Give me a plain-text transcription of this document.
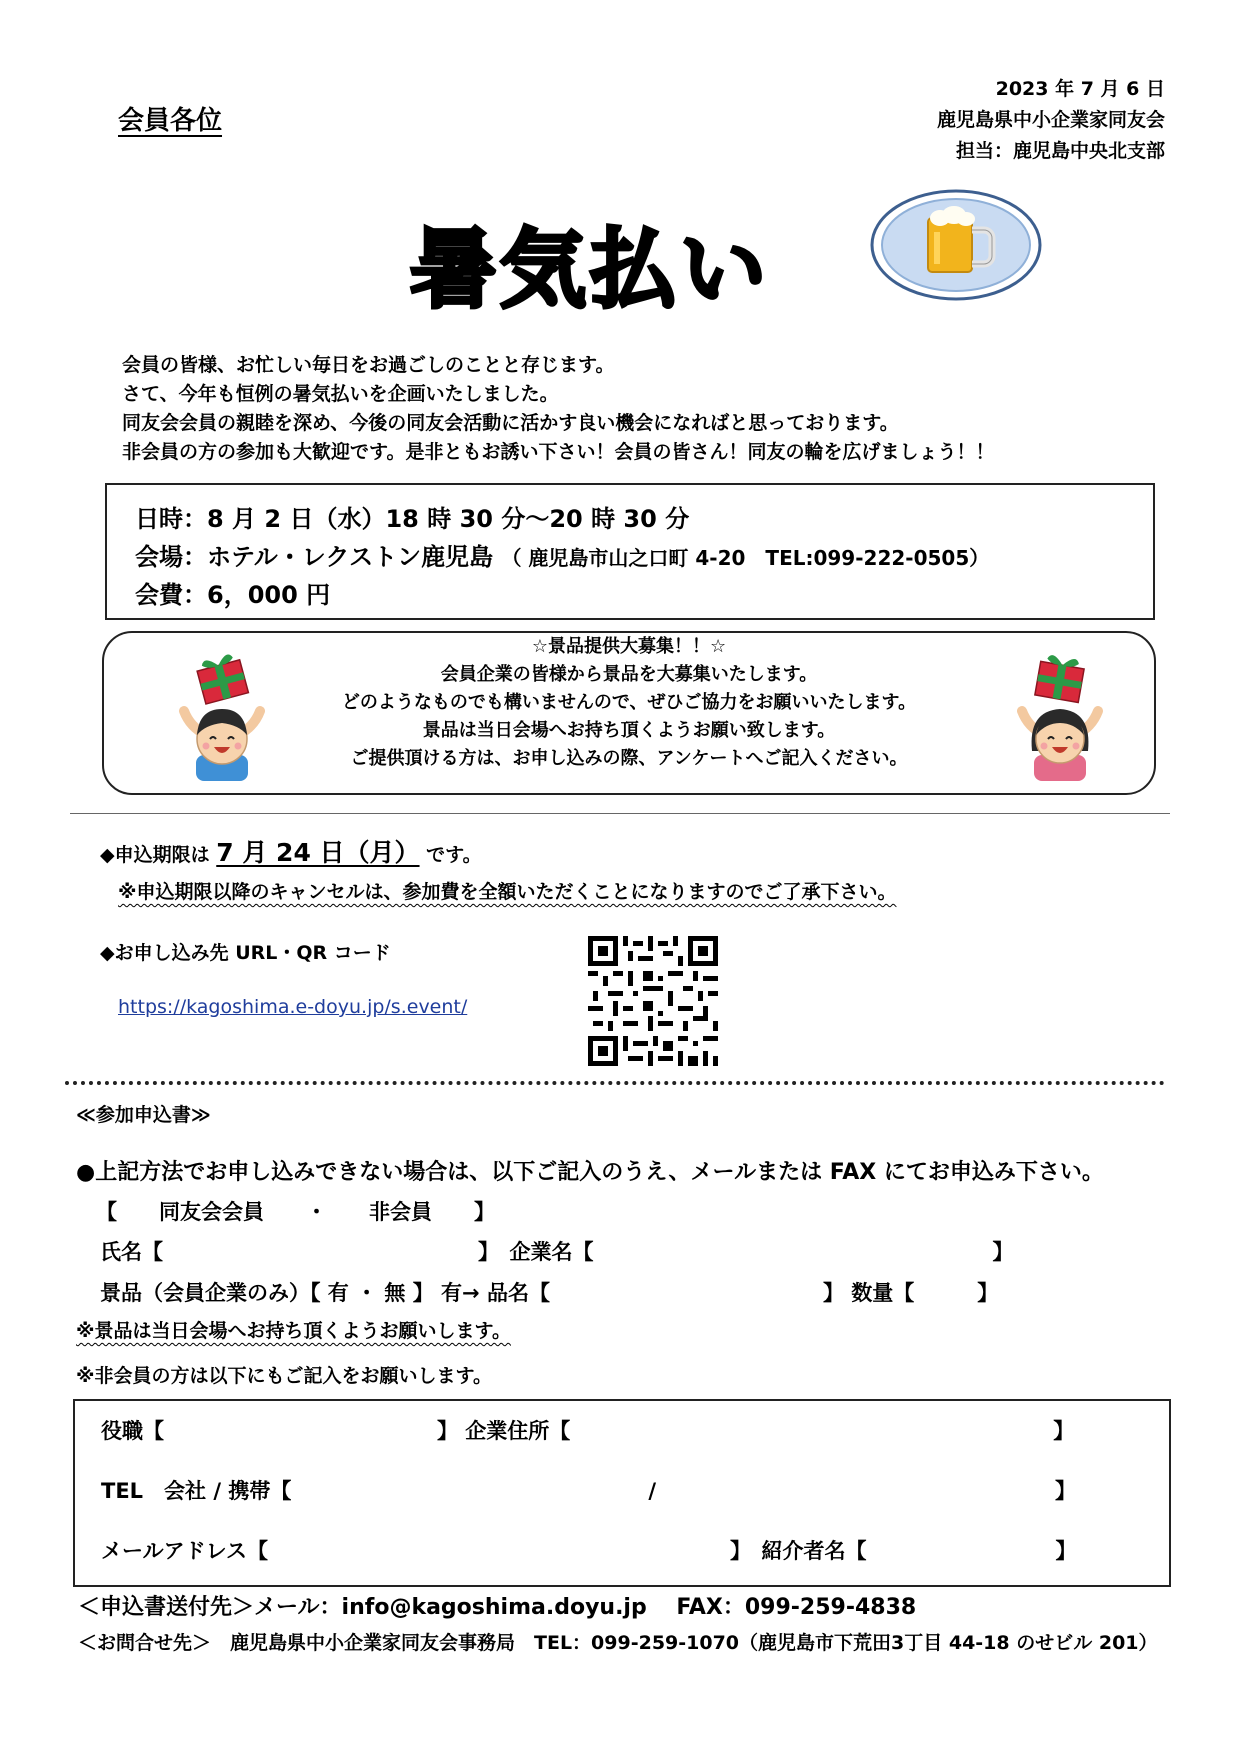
会員各位
2023 年 7 月 6 日
鹿児島県中小企業家同友会
担当：鹿児島中央北支部
暑気払い
会員の皆様、お忙しい毎日をお過ごしのことと存じます。
さて、今年も恒例の暑気払いを企画いたしました。
同友会会員の親睦を深め、今後の同友会活動に活かす良い機会になればと思っております。
非会員の方の参加も大歓迎です。是非ともお誘い下さい！会員の皆さん！同友の輪を広げましょう！！
日時：8 月 2 日（水）18 時 30 分～20 時 30 分
会場：ホテル・レクストン鹿児島 （ 鹿児島市山之口町 4-20　TEL:099-222-0505）
会費：6，000 円
☆景品提供大募集！！☆
会員企業の皆様から景品を大募集いたします。
どのようなものでも構いませんので、ぜひご協力をお願いいたします。
景品は当日会場へお持ち頂くようお願い致します。
ご提供頂ける方は、お申し込みの際、アンケートへご記入ください。
◆申込期限は 7 月 24 日（月） です。
※申込期限以降のキャンセルは、参加費を全額いただくことになりますのでご了承下さい。
◆お申し込み先 URL・QR コード
https://kagoshima.e-doyu.jp/s.event/
≪参加申込書≫
●上記方法でお申し込みできない場合は、以下ご記入のうえ、メールまたは FAX にてお申込み下さい。
【　　同友会会員　　・　　非会員　　】
氏名【　　　　　　　　　　　　　　　】　企業名【　　　　　　　　　　　　　　　　　　　】
景品（会員企業のみ）【 有 ・ 無 】 有→ 品名【　　　　　　　　　　　　　】 数量【　　　】
※景品は当日会場へお持ち頂くようお願いします。
※非会員の方は以下にもご記入をお願いします。
役職【　　　　　　　　　　　　　】 企業住所【　　　　　　　　　　　　　　　　　　　　　　　】
TEL　会社 / 携帯【　　　　　　　　　　　　　　　　　/　　　　　　　　　　　　　　　　　　　】
メールアドレス【　　　　　　　　　　　　　　　　　　　　　　】　紹介者名【　　　　　　　　　】
＜申込書送付先＞メール：info@kagoshima.doyu.jp　 FAX：099-259-4838
＜お問合せ先＞　鹿児島県中小企業家同友会事務局　TEL：099-259-1070（鹿児島市下荒田3丁目 44-18 のせビル 201）
